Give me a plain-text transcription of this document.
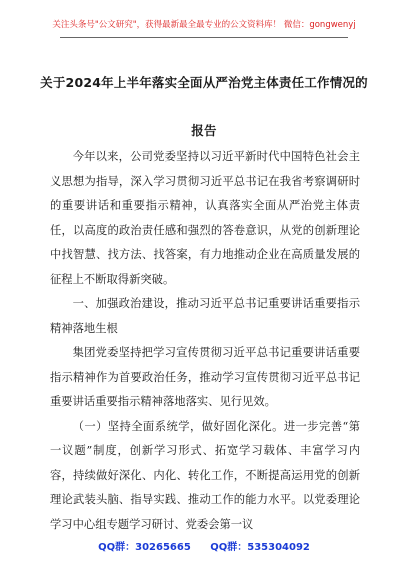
关注头条号"公文研究"，获得最新最全最专业的公文资料库！ 微信：gongwenyj
关于2024年上半年落实全面从严治党主体责任工作情况的
报告

今年以来，公司党委坚持以习近平新时代中国特色社会主义思想为指导，深入学习贯彻习近平总书记在我省考察调研时的重要讲话和重要指示精神，认真落实全面从严治党主体责任，以高度的政治责任感和强烈的答卷意识，从党的创新理论中找智慧、找方法、找答案，有力地推动企业在高质量发展的征程上不断取得新突破。

一、加强政治建设，推动习近平总书记重要讲话重要指示精神落地生根

集团党委坚持把学习宣传贯彻习近平总书记重要讲话重要指示精神作为首要政治任务，推动学习宣传贯彻习近平总书记重要讲话重要指示精神落地落实、见行见效。

（一）坚持全面系统学，做好固化深化。进一步完善“第一议题”制度，创新学习形式、拓宽学习载体、丰富学习内容，持续做好深化、内化、转化工作，不断提高运用党的创新理论武装头脑、指导实践、推动工作的能力水平。以党委理论学习中心组专题学习研讨、党委会第一议

QQ群：30265665 QQ群：535304092
